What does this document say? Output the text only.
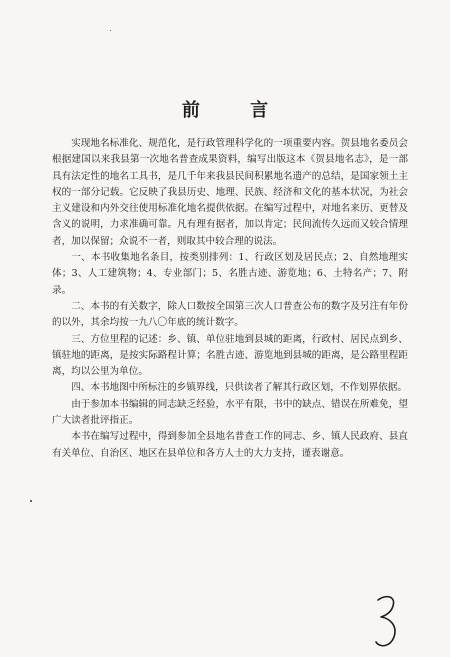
前 言

实现地名标准化、规范化，是行政管理科学化的一项重要内容。贺县地名委员会根据建国以来我县第一次地名普查成果资料，编写出版这本《贺县地名志》，是一部具有法定性的地名工具书，是几千年来我县民间积累地名遗产的总结，是国家领土主权的一部分记载。它反映了我县历史、地理、民族、经济和文化的基本状况，为社会主义建设和内外交往使用标准化地名提供依据。在编写过程中，对地名来历、更替及含义的说明，力求准确可靠。凡有理有据者，加以肯定；民间流传久远而又较合情理者，加以保留；众说不一者，则取其中较合理的说法。

一、本书收集地名条目，按类别排列：1、行政区划及居民点；2、自然地理实体；3、人工建筑物；4、专业部门；5、名胜古迹、游览地；6、土特名产；7、附录。

二、本书的有关数字，除人口数按全国第三次人口普查公布的数字及另注有年份的以外，其余均按一九八〇年底的统计数字。

三、方位里程的记述：乡、镇、单位驻地到县城的距离，行政村、居民点到乡、镇驻地的距离，是按实际路程计算；名胜古迹、游览地到县城的距离，是公路里程距离，均以公里为单位。

四、本书地图中所标注的乡镇界线，只供读者了解其行政区划，不作划界依据。

由于参加本书编辑的同志缺乏经验，水平有限，书中的缺点、错误在所难免，望广大读者批评指正。

本书在编写过程中，得到参加全县地名普查工作的同志、乡、镇人民政府、县直有关单位、自治区、地区在县单位和各方人士的大力支持，谨表谢意。
